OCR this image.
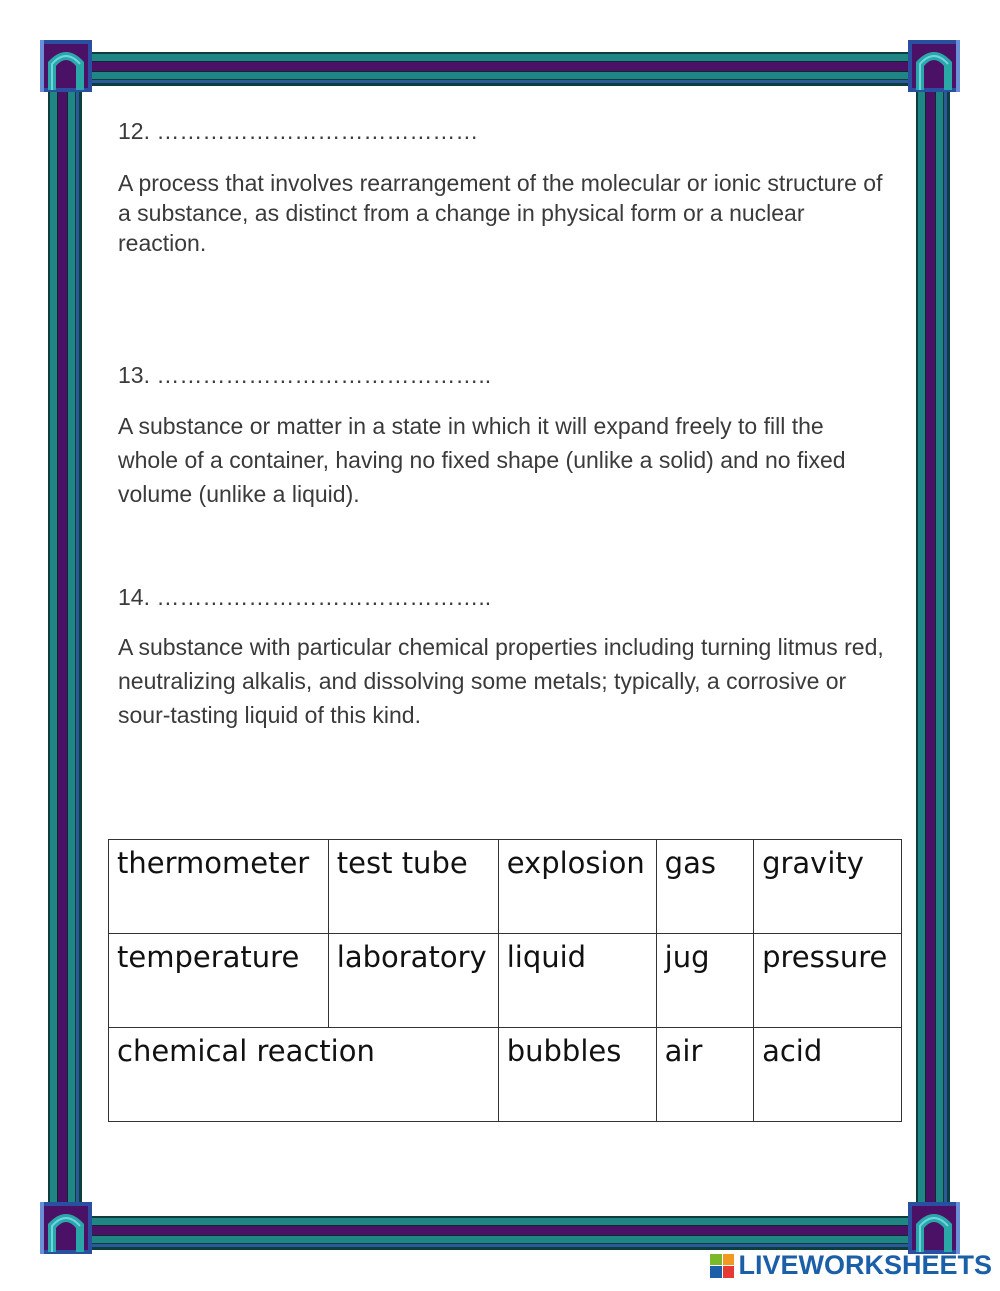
12. ……………………………………
A process that involves rearrangement of the molecular or ionic structure of a substance, as distinct from a change in physical form or a nuclear reaction.
13. ……………………………………..
A substance or matter in a state in which it will expand freely to fill the whole of a container, having no fixed shape (unlike a solid) and no fixed volume (unlike a liquid).
14. ……………………………………..
A substance with particular chemical properties including turning litmus red, neutralizing alkalis, and dissolving some metals; typically, a corrosive or sour-tasting liquid of this kind.
thermometer	test tube	explosion	gas	gravity
temperature	laboratory	liquid	jug	pressure
chemical reaction		bubbles	air	acid
LIVEWORKSHEETS
